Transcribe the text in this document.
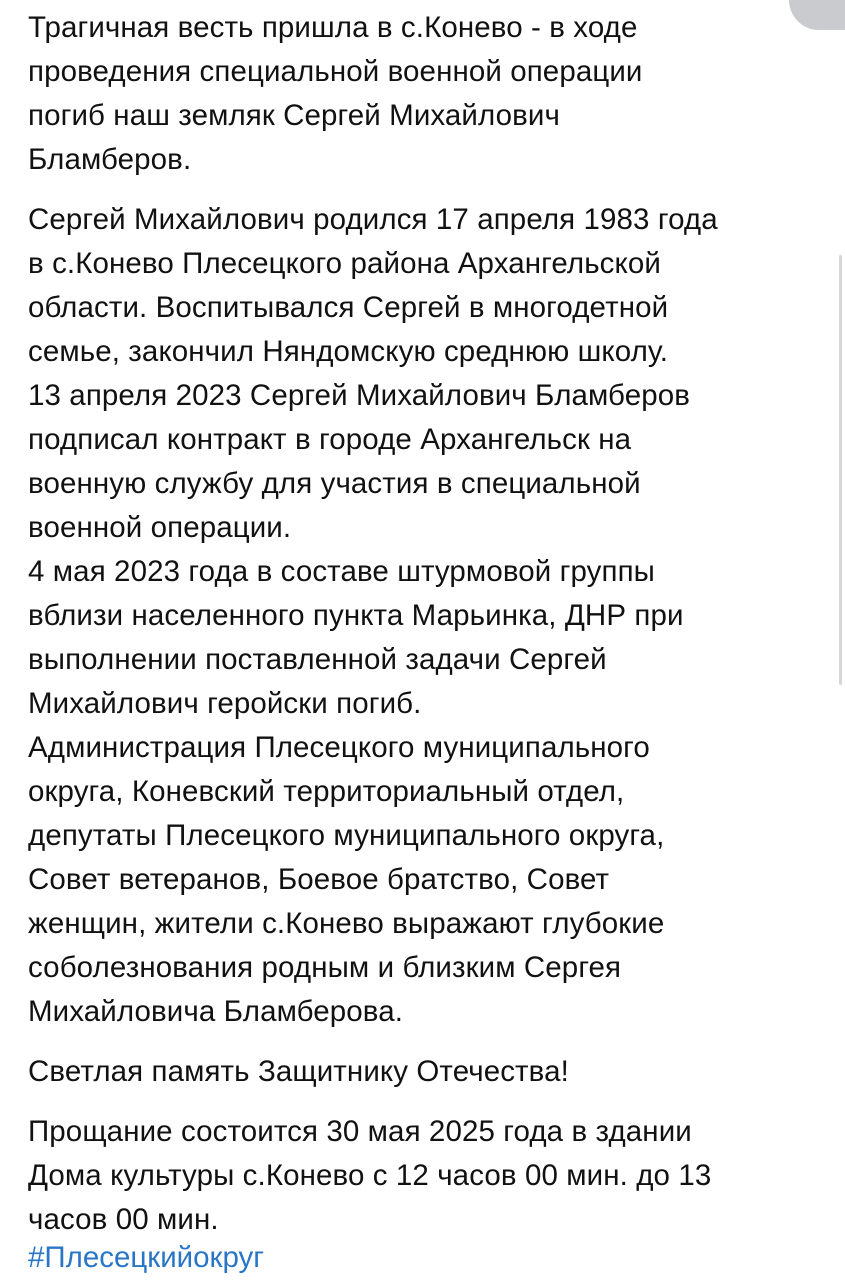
Трагичная весть пришла в с.Конево - в ходе
проведения специальной военной операции
погиб наш земляк Сергей Михайлович
Бламберов.

Сергей Михайлович родился 17 апреля 1983 года
в с.Конево Плесецкого района Архангельской
области. Воспитывался Сергей в многодетной
семье, закончил Няндомскую среднюю школу.

13 апреля 2023 Сергей Михайлович Бламберов
подписал контракт в городе Архангельск на
военную службу для участия в специальной
военной операции.

4 мая 2023 года в составе штурмовой группы
вблизи населенного пункта Марьинка, ДНР при
выполнении поставленной задачи Сергей
Михайлович геройски погиб.

Администрация Плесецкого муниципального
округа, Коневский территориальный отдел,
депутаты Плесецкого муниципального округа,
Совет ветеранов, Боевое братство, Совет
женщин, жители с.Конево выражают глубокие
соболезнования родным и близким Сергея
Михайловича Бламберова.

Светлая память Защитнику Отечества!

Прощание состоится 30 мая 2025 года в здании
Дома культуры с.Конево с 12 часов 00 мин. до 13
часов 00 мин.

#Плесецкийокруг
